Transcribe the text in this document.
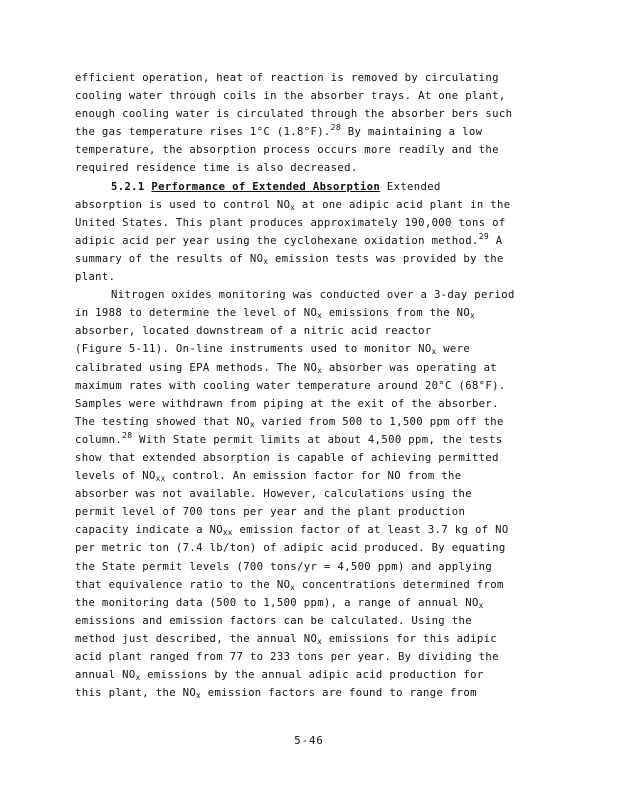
efficient operation, heat of reaction is removed by circulating
cooling water through coils in the absorber trays. At one plant,
enough cooling water is circulated through the absorber bers such
the gas temperature rises 1°C (1.8°F).$^{28}$ By maintaining a low
temperature, the absorption process occurs more readily and the
required residence time is also decreased.
5.2.1 Performance of Extended Absorption Extended
absorption is used to control $NO_x$ at one adipic acid plant in the
United States. This plant produces approximately 190,000 tons of
adipic acid per year using the cyclohexane oxidation method.$^{29}$ A
summary of the results of $NO_x$ emission tests was provided by the
plant.
Nitrogen oxides monitoring was conducted over a 3-day period
in 1988 to determine the level of $NO_x$ emissions from the $NO_x$
absorber, located downstream of a nitric acid reactor
(Figure 5-11). On-line instruments used to monitor $NO_x$ were
calibrated using EPA methods. The $NO_x$ absorber was operating at
maximum rates with cooling water temperature around 20°C (68°F).
Samples were withdrawn from piping at the exit of the absorber.
The testing showed that $NO_x$ varied from 500 to 1,500 ppm off the
column.$^{28}$ With State permit limits at about 4,500 ppm, the tests
show that extended absorption is capable of achieving permitted
levels of $NO_{xx}$ control. An emission factor for NO from the
absorber was not available. However, calculations using the
permit level of 700 tons per year and the plant production
capacity indicate a $NO_{xx}$ emission factor of at least 3.7 kg of NO
per metric ton (7.4 lb/ton) of adipic acid produced. By equating
the State permit levels (700 tons/yr = 4,500 ppm) and applying
that equivalence ratio to the $NO_x$ concentrations determined from
the monitoring data (500 to 1,500 ppm), a range of annual $NO_x$
emissions and emission factors can be calculated. Using the
method just described, the annual $NO_x$ emissions for this adipic
acid plant ranged from 77 to 233 tons per year. By dividing the
annual $NO_x$ emissions by the annual adipic acid production for
this plant, the $NO_x$ emission factors are found to range from
5-46
